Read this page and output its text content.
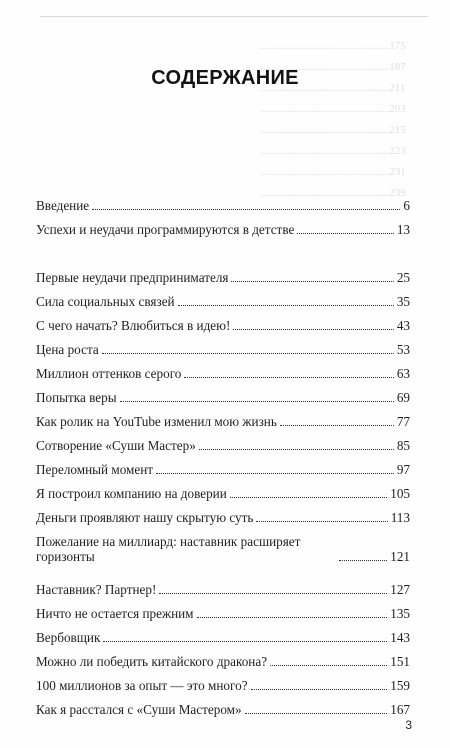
...............................................175
...............................................187
...............................................211
...............................................203
...............................................215
...............................................223
...............................................231
...............................................239
СОДЕРЖАНИЕ
Введение	6
Успехи и неудачи программируются в детстве	13
Первые неудачи предпринимателя	25
Сила социальных связей	35
С чего начать? Влюбиться в идею!	43
Цена роста	53
Миллион оттенков серого	63
Попытка веры	69
Как ролик на YouTube изменил мою жизнь	77
Сотворение «Суши Мастер»	85
Переломный момент	97
Я построил компанию на доверии	105
Деньги проявляют нашу скрытую суть	113
Пожелание на миллиард: наставник расширяет горизонты	121
Наставник? Партнер!	127
Ничто не остается прежним	135
Вербовщик	143
Можно ли победить китайского дракона?	151
100 миллионов за опыт — это много?	159
Как я расстался с «Суши Мастером»	167
3
